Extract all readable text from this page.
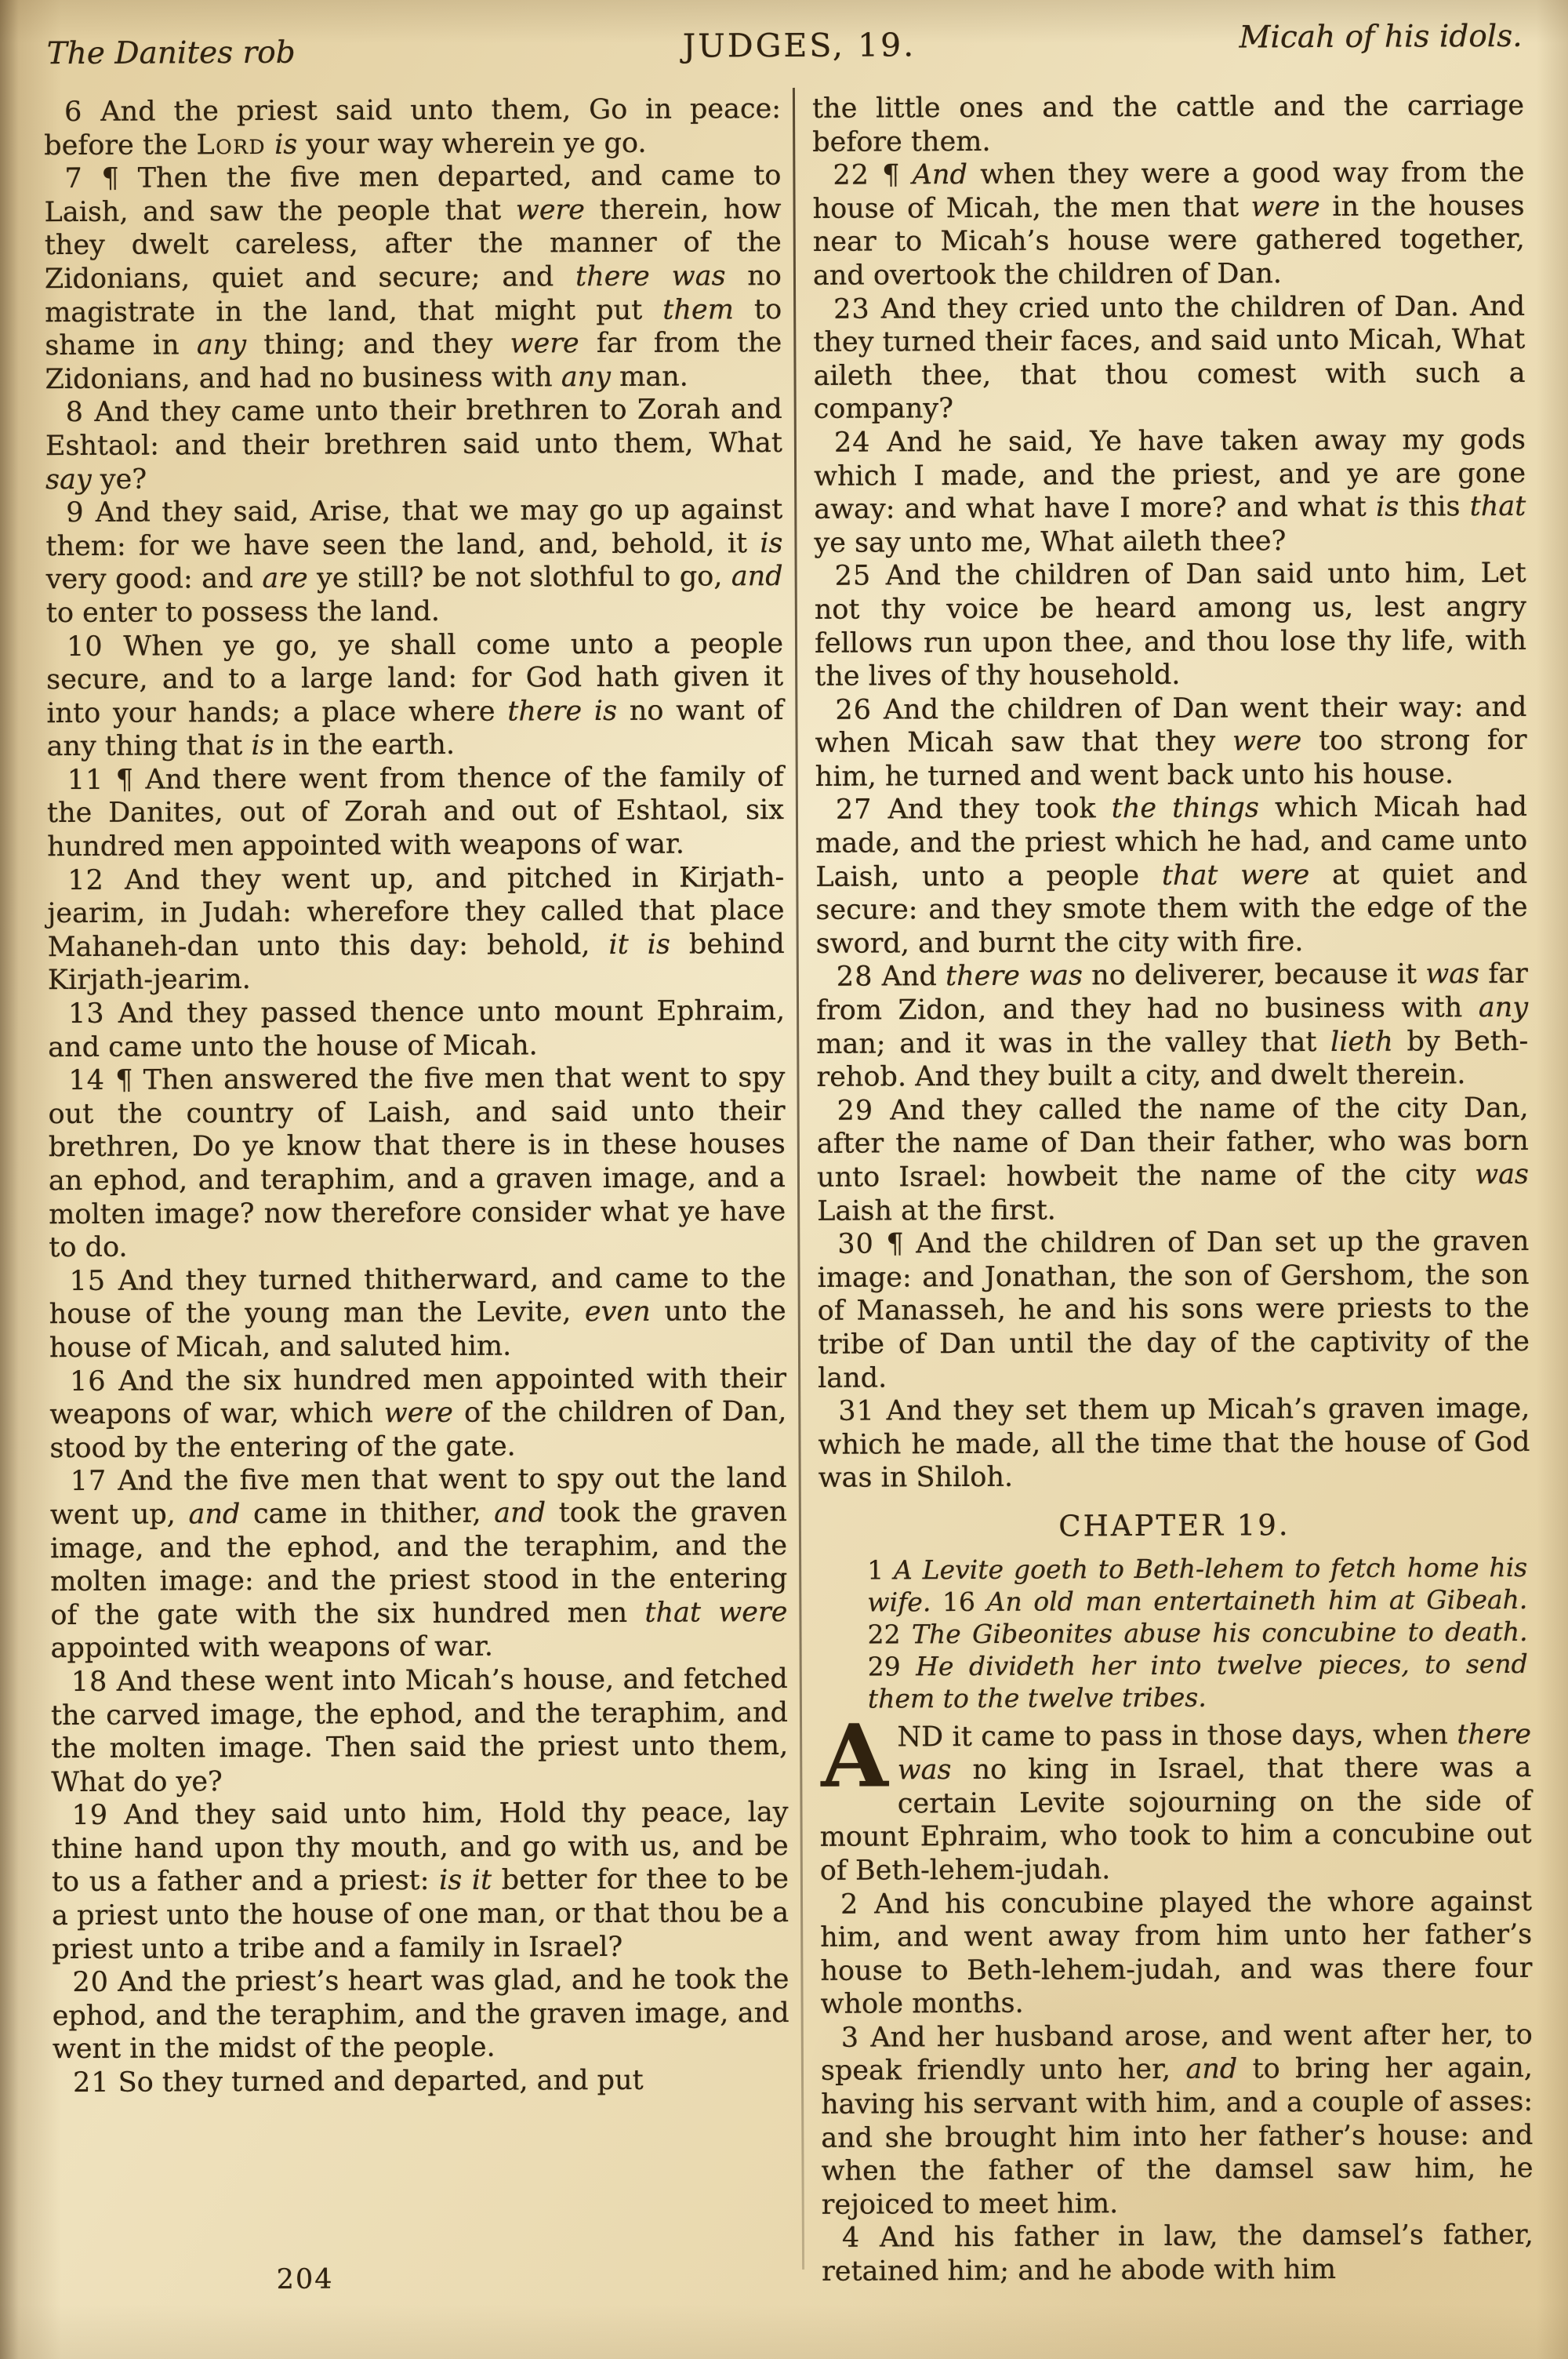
The Danites rob	JUDGES, 19.	Micah of his idols.

6 And the priest said unto them, Go in peace: before the Lord is your way wherein ye go.

7 ¶ Then the five men departed, and came to Laish, and saw the people that were therein, how they dwelt careless, after the manner of the Zidonians, quiet and secure; and there was no magistrate in the land, that might put them to shame in any thing; and they were far from the Zidonians, and had no business with any man.

8 And they came unto their brethren to Zorah and Eshtaol: and their brethren said unto them, What say ye?

9 And they said, Arise, that we may go up against them: for we have seen the land, and, behold, it is very good: and are ye still? be not slothful to go, and to enter to possess the land.

10 When ye go, ye shall come unto a people secure, and to a large land: for God hath given it into your hands; a place where there is no want of any thing that is in the earth.

11 ¶ And there went from thence of the family of the Danites, out of Zorah and out of Eshtaol, six hundred men appointed with weapons of war.

12 And they went up, and pitched in Kirjath-jearim, in Judah: wherefore they called that place Mahaneh-dan unto this day: behold, it is behind Kirjath-jearim.

13 And they passed thence unto mount Ephraim, and came unto the house of Micah.

14 ¶ Then answered the five men that went to spy out the country of Laish, and said unto their brethren, Do ye know that there is in these houses an ephod, and teraphim, and a graven image, and a molten image? now therefore consider what ye have to do.

15 And they turned thitherward, and came to the house of the young man the Levite, even unto the house of Micah, and saluted him.

16 And the six hundred men appointed with their weapons of war, which were of the children of Dan, stood by the entering of the gate.

17 And the five men that went to spy out the land went up, and came in thither, and took the graven image, and the ephod, and the teraphim, and the molten image: and the priest stood in the entering of the gate with the six hundred men that were appointed with weapons of war.

18 And these went into Micah’s house, and fetched the carved image, the ephod, and the teraphim, and the molten image. Then said the priest unto them, What do ye?

19 And they said unto him, Hold thy peace, lay thine hand upon thy mouth, and go with us, and be to us a father and a priest: is it better for thee to be a priest unto the house of one man, or that thou be a priest unto a tribe and a family in Israel?

20 And the priest’s heart was glad, and he took the ephod, and the teraphim, and the graven image, and went in the midst of the people.

21 So they turned and departed, and put

the little ones and the cattle and the carriage before them.

22 ¶ And when they were a good way from the house of Micah, the men that were in the houses near to Micah’s house were gathered together, and overtook the children of Dan.

23 And they cried unto the children of Dan. And they turned their faces, and said unto Micah, What aileth thee, that thou comest with such a company?

24 And he said, Ye have taken away my gods which I made, and the priest, and ye are gone away: and what have I more? and what is this that ye say unto me, What aileth thee?

25 And the children of Dan said unto him, Let not thy voice be heard among us, lest angry fellows run upon thee, and thou lose thy life, with the lives of thy household.

26 And the children of Dan went their way: and when Micah saw that they were too strong for him, he turned and went back unto his house.

27 And they took the things which Micah had made, and the priest which he had, and came unto Laish, unto a people that were at quiet and secure: and they smote them with the edge of the sword, and burnt the city with fire.

28 And there was no deliverer, because it was far from Zidon, and they had no business with any man; and it was in the valley that lieth by Beth-rehob. And they built a city, and dwelt therein.

29 And they called the name of the city Dan, after the name of Dan their father, who was born unto Israel: howbeit the name of the city was Laish at the first.

30 ¶ And the children of Dan set up the graven image: and Jonathan, the son of Gershom, the son of Manasseh, he and his sons were priests to the tribe of Dan until the day of the captivity of the land.

31 And they set them up Micah’s graven image, which he made, all the time that the house of God was in Shiloh.

CHAPTER 19.

1 A Levite goeth to Beth-lehem to fetch home his wife. 16 An old man entertaineth him at Gibeah. 22 The Gibeonites abuse his concubine to death. 29 He divideth her into twelve pieces, to send them to the twelve tribes.

AND it came to pass in those days, when there was no king in Israel, that there was a certain Levite sojourning on the side of mount Ephraim, who took to him a concubine out of Beth-lehem-judah.

2 And his concubine played the whore against him, and went away from him unto her father’s house to Beth-lehem-judah, and was there four whole months.

3 And her husband arose, and went after her, to speak friendly unto her, and to bring her again, having his servant with him, and a couple of asses: and she brought him into her father’s house: and when the father of the damsel saw him, he rejoiced to meet him.

4 And his father in law, the damsel’s father, retained him; and he abode with him

204
